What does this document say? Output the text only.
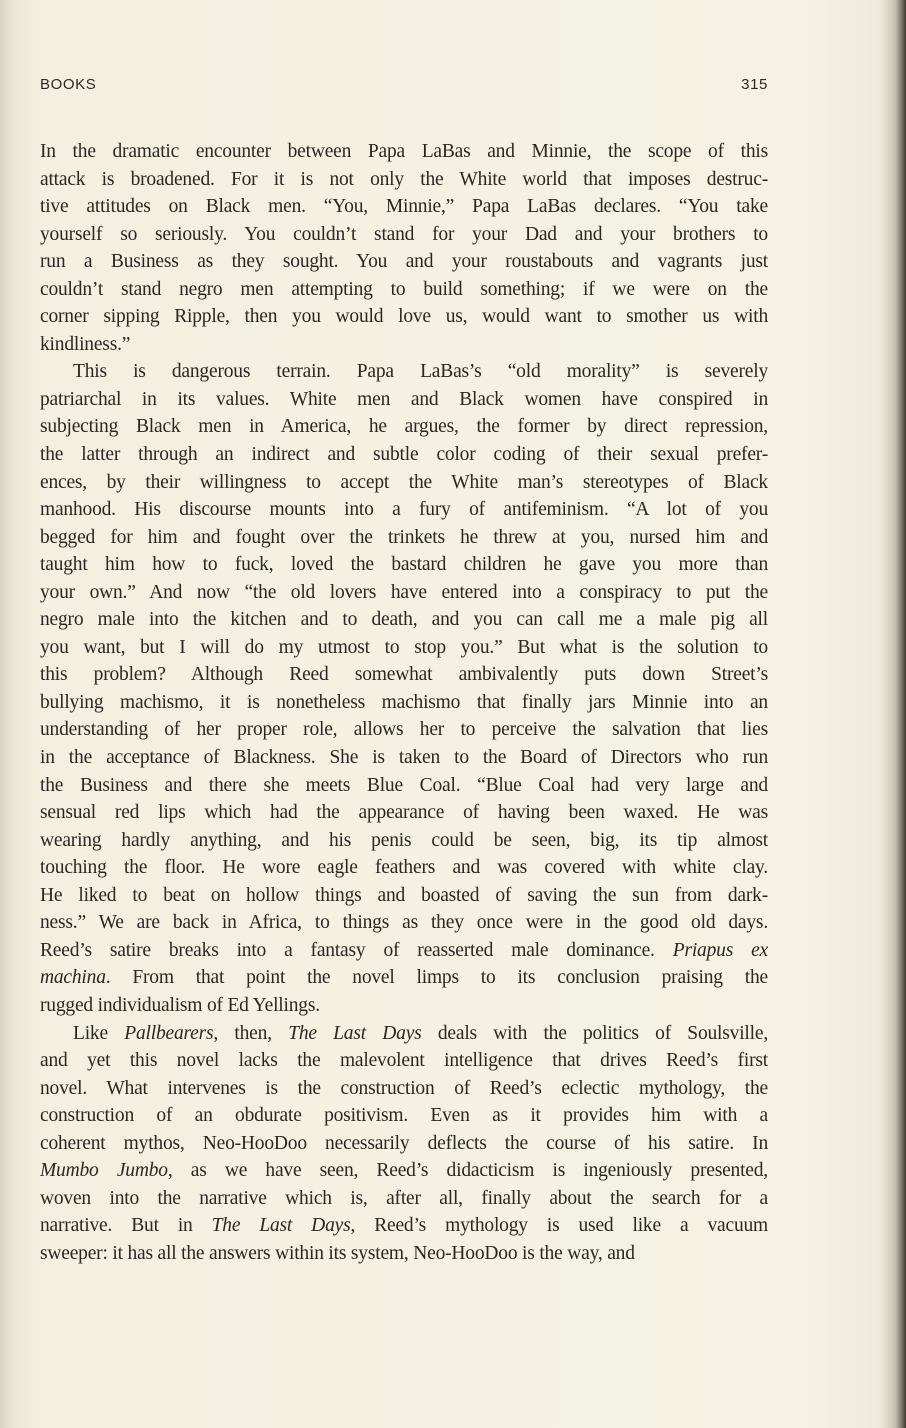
BOOKS	315
In the dramatic encounter between Papa LaBas and Minnie, the scope of this
attack is broadened. For it is not only the White world that imposes destruc-
tive attitudes on Black men. “You, Minnie,” Papa LaBas declares. “You take
yourself so seriously. You couldn’t stand for your Dad and your brothers to
run a Business as they sought. You and your roustabouts and vagrants just
couldn’t stand negro men attempting to build something; if we were on the
corner sipping Ripple, then you would love us, would want to smother us with
kindliness.”
This is dangerous terrain. Papa LaBas’s “old morality” is severely
patriarchal in its values. White men and Black women have conspired in
subjecting Black men in America, he argues, the former by direct repression,
the latter through an indirect and subtle color coding of their sexual prefer-
ences, by their willingness to accept the White man’s stereotypes of Black
manhood. His discourse mounts into a fury of antifeminism. “A lot of you
begged for him and fought over the trinkets he threw at you, nursed him and
taught him how to fuck, loved the bastard children he gave you more than
your own.” And now “the old lovers have entered into a conspiracy to put the
negro male into the kitchen and to death, and you can call me a male pig all
you want, but I will do my utmost to stop you.” But what is the solution to
this problem? Although Reed somewhat ambivalently puts down Street’s
bullying machismo, it is nonetheless machismo that finally jars Minnie into an
understanding of her proper role, allows her to perceive the salvation that lies
in the acceptance of Blackness. She is taken to the Board of Directors who run
the Business and there she meets Blue Coal. “Blue Coal had very large and
sensual red lips which had the appearance of having been waxed. He was
wearing hardly anything, and his penis could be seen, big, its tip almost
touching the floor. He wore eagle feathers and was covered with white clay.
He liked to beat on hollow things and boasted of saving the sun from dark-
ness.” We are back in Africa, to things as they once were in the good old days.
Reed’s satire breaks into a fantasy of reasserted male dominance. Priapus ex
machina. From that point the novel limps to its conclusion praising the
rugged individualism of Ed Yellings.
Like Pallbearers, then, The Last Days deals with the politics of Soulsville,
and yet this novel lacks the malevolent intelligence that drives Reed’s first
novel. What intervenes is the construction of Reed’s eclectic mythology, the
construction of an obdurate positivism. Even as it provides him with a
coherent mythos, Neo-HooDoo necessarily deflects the course of his satire. In
Mumbo Jumbo, as we have seen, Reed’s didacticism is ingeniously presented,
woven into the narrative which is, after all, finally about the search for a
narrative. But in The Last Days, Reed’s mythology is used like a vacuum
sweeper: it has all the answers within its system, Neo-HooDoo is the way, and
